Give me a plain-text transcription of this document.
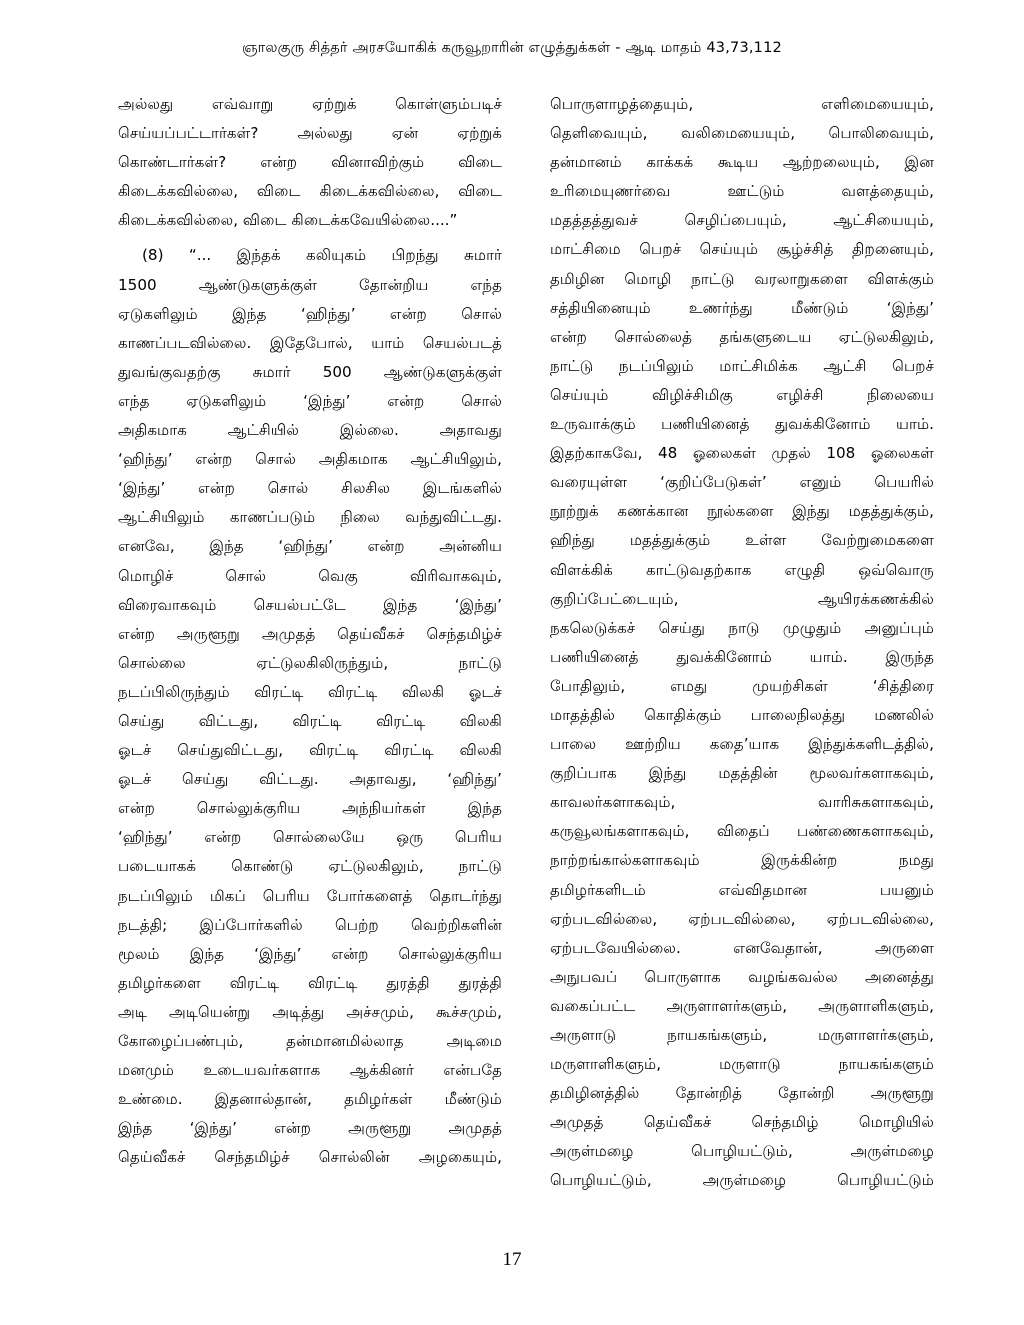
ஞாலகுரு சித்தர் அரசயோகிக் கருவூறாரின் எழுத்துக்கள் - ஆடி மாதம் 43,73,112
அல்லது எவ்வாறு ஏற்றுக் கொள்ளும்படிச்
செய்யப்பட்டார்கள்? அல்லது ஏன் ஏற்றுக்
கொண்டார்கள்? என்ற வினாவிற்கும் விடை
கிடைக்கவில்லை, விடை கிடைக்கவில்லை, விடை
கிடைக்கவில்லை, விடை கிடைக்கவேயில்லை....”
(8) “... இந்தக் கலியுகம் பிறந்து சுமார்
1500 ஆண்டுகளுக்குள் தோன்றிய எந்த
ஏடுகளிலும் இந்த ‘ஹிந்து’ என்ற சொல்
காணப்படவில்லை. இதேபோல், யாம் செயல்படத்
துவங்குவதற்கு சுமார் 500 ஆண்டுகளுக்குள்
எந்த ஏடுகளிலும் ‘இந்து’ என்ற சொல்
அதிகமாக ஆட்சியில் இல்லை. அதாவது
‘ஹிந்து’ என்ற சொல் அதிகமாக ஆட்சியிலும்,
‘இந்து’ என்ற சொல் சிலசில இடங்களில்
ஆட்சியிலும் காணப்படும் நிலை வந்துவிட்டது.
எனவே, இந்த ‘ஹிந்து’ என்ற அன்னிய
மொழிச் சொல் வெகு விரிவாகவும்,
விரைவாகவும் செயல்பட்டே இந்த ‘இந்து’
என்ற அருளூறு அமுதத் தெய்வீகச் செந்தமிழ்ச்
சொல்லை ஏட்டுலகிலிருந்தும், நாட்டு
நடப்பிலிருந்தும் விரட்டி விரட்டி விலகி ஓடச்
செய்து விட்டது, விரட்டி விரட்டி விலகி
ஓடச் செய்துவிட்டது, விரட்டி விரட்டி விலகி
ஓடச் செய்து விட்டது. அதாவது, ‘ஹிந்து’
என்ற சொல்லுக்குரிய அந்நியர்கள் இந்த
‘ஹிந்து’ என்ற சொல்லையே ஒரு பெரிய
படையாகக் கொண்டு ஏட்டுலகிலும், நாட்டு
நடப்பிலும் மிகப் பெரிய போர்களைத் தொடர்ந்து
நடத்தி; இப்போர்களில் பெற்ற வெற்றிகளின்
மூலம் இந்த ‘இந்து’ என்ற சொல்லுக்குரிய
தமிழர்களை விரட்டி விரட்டி துரத்தி துரத்தி
அடி அடியென்று அடித்து அச்சமும், கூச்சமும்,
கோழைப்பண்பும், தன்மானமில்லாத அடிமை
மனமும் உடையவர்களாக ஆக்கினர் என்பதே
உண்மை. இதனால்தான், தமிழர்கள் மீண்டும்
இந்த ‘இந்து’ என்ற அருளூறு அமுதத்
தெய்வீகச் செந்தமிழ்ச் சொல்லின் அழகையும்,
பொருளாழத்தையும், எளிமையையும்,
தெளிவையும், வலிமையையும், பொலிவையும்,
தன்மானம் காக்கக் கூடிய ஆற்றலையும், இன
உரிமையுணர்வை ஊட்டும் வளத்தையும்,
மதத்தத்துவச் செழிப்பையும், ஆட்சியையும்,
மாட்சிமை பெறச் செய்யும் சூழ்ச்சித் திறனையும்,
தமிழின மொழி நாட்டு வரலாறுகளை விளக்கும்
சத்தியினையும் உணர்ந்து மீண்டும் ‘இந்து’
என்ற சொல்லைத் தங்களுடைய ஏட்டுலகிலும்,
நாட்டு நடப்பிலும் மாட்சிமிக்க ஆட்சி பெறச்
செய்யும் விழிச்சிமிகு எழிச்சி நிலையை
உருவாக்கும் பணியினைத் துவக்கினோம் யாம்.
இதற்காகவே, 48 ஓலைகள் முதல் 108 ஓலைகள்
வரையுள்ள ‘குறிப்பேடுகள்’ எனும் பெயரில்
நூற்றுக் கணக்கான நூல்களை இந்து மதத்துக்கும்,
ஹிந்து மதத்துக்கும் உள்ள வேற்றுமைகளை
விளக்கிக் காட்டுவதற்காக எழுதி ஒவ்வொரு
குறிப்பேட்டையும், ஆயிரக்கணக்கில்
நகலெடுக்கச் செய்து நாடு முழுதும் அனுப்பும்
பணியினைத் துவக்கினோம் யாம். இருந்த
போதிலும், எமது முயற்சிகள் ‘சித்திரை
மாதத்தில் கொதிக்கும் பாலைநிலத்து மணலில்
பாலை ஊற்றிய கதை’யாக இந்துக்களிடத்தில்,
குறிப்பாக இந்து மதத்தின் மூலவர்களாகவும்,
காவலர்களாகவும், வாரிசுகளாகவும்,
கருவூலங்களாகவும், விதைப் பண்ணைகளாகவும்,
நாற்றங்கால்களாகவும் இருக்கின்ற நமது
தமிழர்களிடம் எவ்விதமான பயனும்
ஏற்படவில்லை, ஏற்படவில்லை, ஏற்படவில்லை,
ஏற்படவேயில்லை. எனவேதான், அருளை
அநுபவப் பொருளாக வழங்கவல்ல அனைத்து
வகைப்பட்ட அருளாளர்களும், அருளாளிகளும்,
அருளாடு நாயகங்களும், மருளாளர்களும்,
மருளாளிகளும், மருளாடு நாயகங்களும்
தமிழினத்தில் தோன்றித் தோன்றி அருளூறு
அமுதத் தெய்வீகச் செந்தமிழ் மொழியில்
அருள்மழை பொழியட்டும், அருள்மழை
பொழியட்டும், அருள்மழை பொழியட்டும்
17
